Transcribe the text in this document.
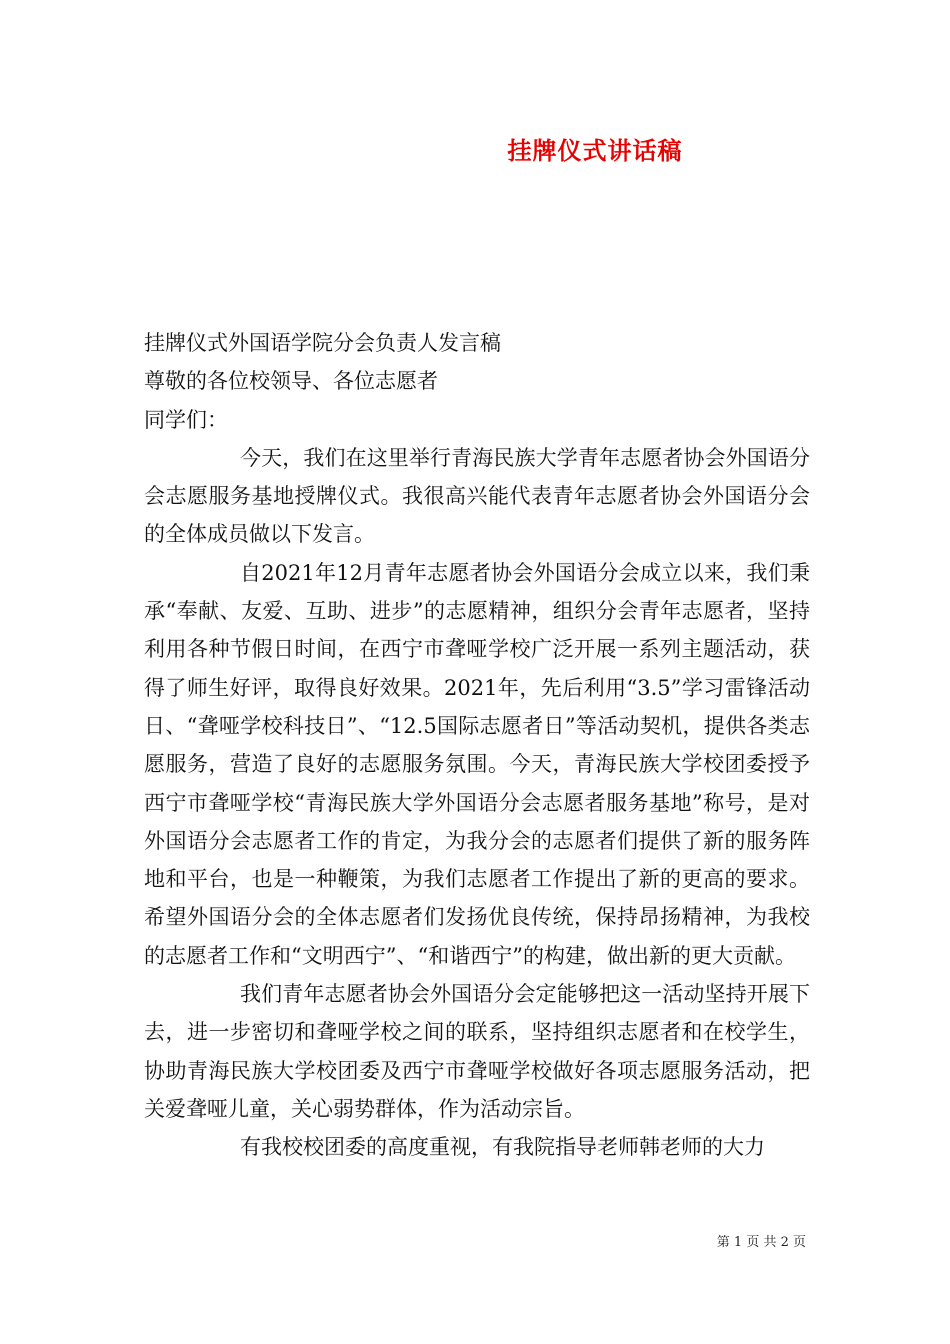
挂牌仪式讲话稿

挂牌仪式外国语学院分会负责人发言稿

尊敬的各位校领导、各位志愿者

同学们：

今天，我们在这里举行青海民族大学青年志愿者协会外国语分会志愿服务基地授牌仪式。我很高兴能代表青年志愿者协会外国语分会的全体成员做以下发言。

自2021年12月青年志愿者协会外国语分会成立以来，我们秉承“奉献、友爱、互助、进步”的志愿精神，组织分会青年志愿者，坚持利用各种节假日时间，在西宁市聋哑学校广泛开展一系列主题活动，获得了师生好评，取得良好效果。2021年，先后利用“3.5”学习雷锋活动日、“聋哑学校科技日”、“12.5国际志愿者日”等活动契机，提供各类志愿服务，营造了良好的志愿服务氛围。今天，青海民族大学校团委授予西宁市聋哑学校“青海民族大学外国语分会志愿者服务基地”称号，是对外国语分会志愿者工作的肯定，为我分会的志愿者们提供了新的服务阵地和平台，也是一种鞭策，为我们志愿者工作提出了新的更高的要求。希望外国语分会的全体志愿者们发扬优良传统，保持昂扬精神，为我校的志愿者工作和“文明西宁”、“和谐西宁”的构建，做出新的更大贡献。

我们青年志愿者协会外国语分会定能够把这一活动坚持开展下去，进一步密切和聋哑学校之间的联系，坚持组织志愿者和在校学生，协助青海民族大学校团委及西宁市聋哑学校做好各项志愿服务活动，把关爱聋哑儿童，关心弱势群体，作为活动宗旨。

有我校校团委的高度重视，有我院指导老师韩老师的大力

第 1 页 共 2 页
